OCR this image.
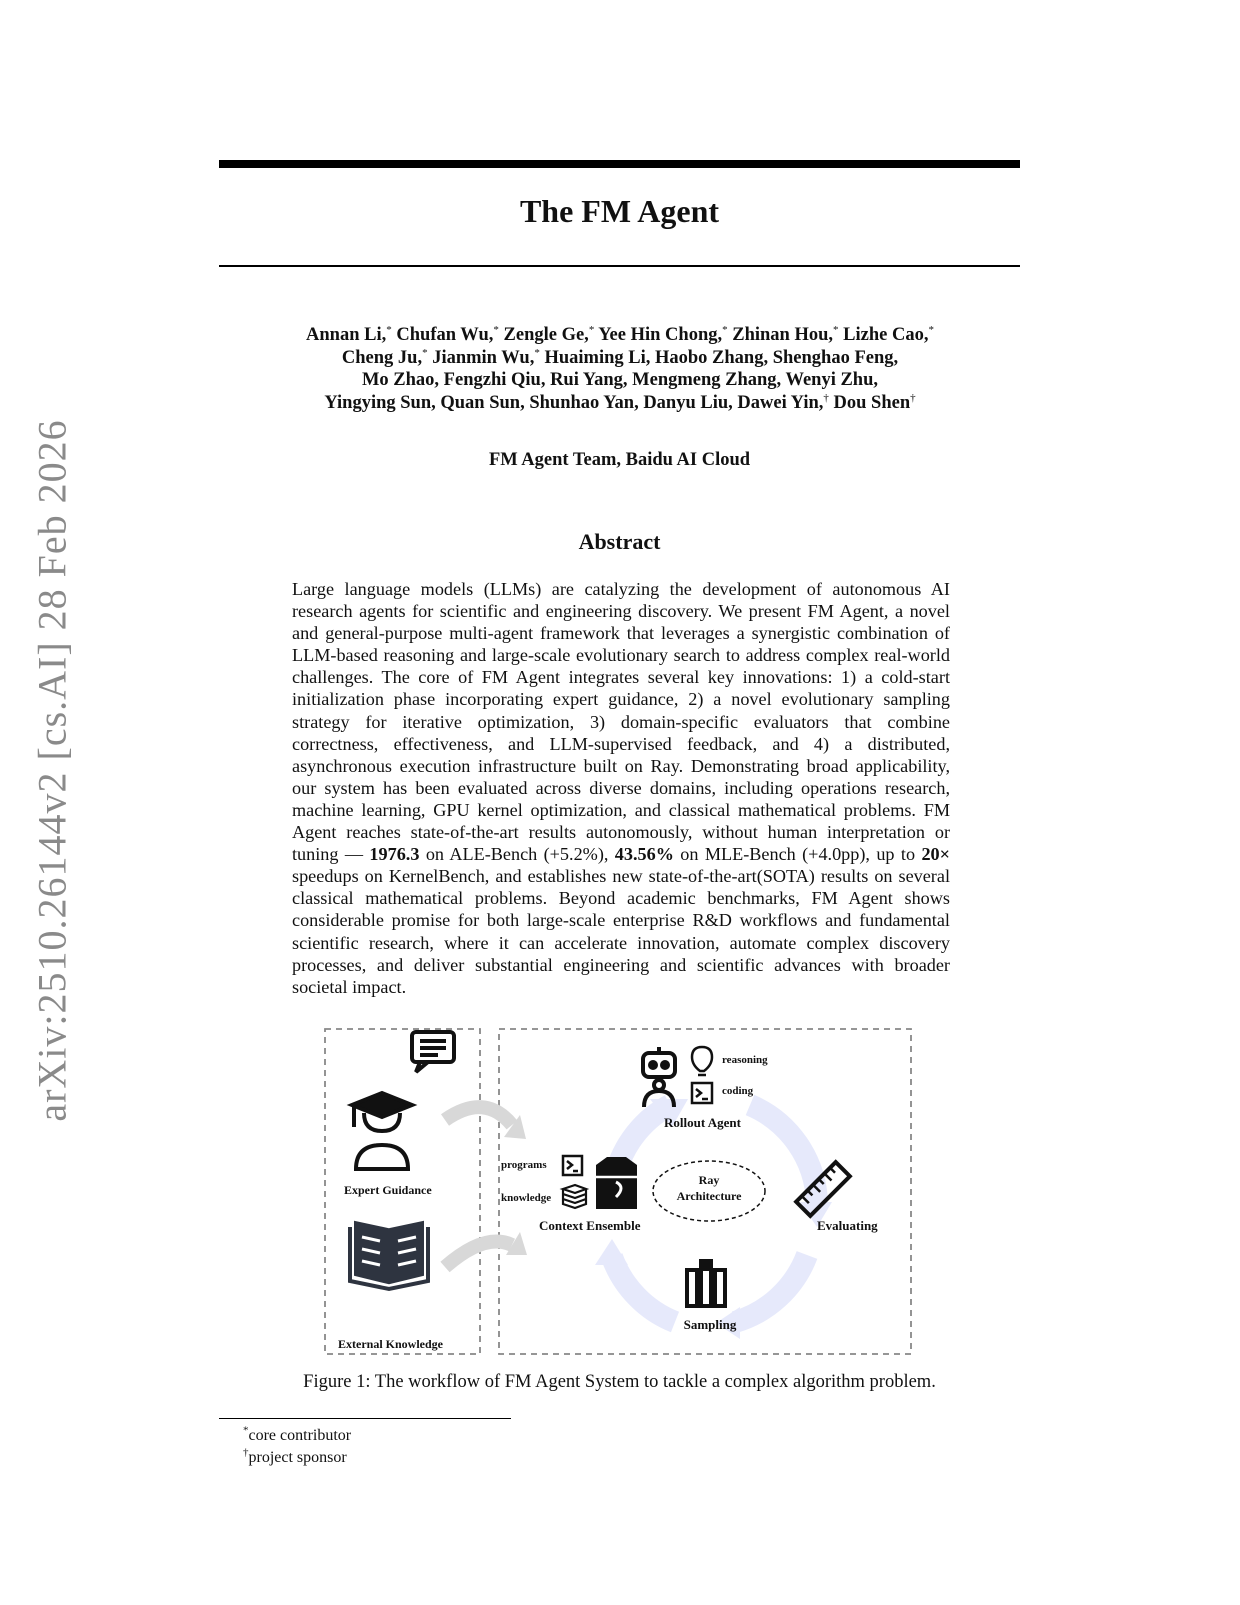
arXiv:2510.26144v2 [cs.AI] 28 Feb 2026
The FM Agent
Annan Li,* Chufan Wu,* Zengle Ge,* Yee Hin Chong,* Zhinan Hou,* Lizhe Cao,*
Cheng Ju,* Jianmin Wu,* Huaiming Li, Haobo Zhang, Shenghao Feng,
Mo Zhao, Fengzhi Qiu, Rui Yang, Mengmeng Zhang, Wenyi Zhu,
Yingying Sun, Quan Sun, Shunhao Yan, Danyu Liu, Dawei Yin,† Dou Shen†
FM Agent Team, Baidu AI Cloud
Abstract
Large language models (LLMs) are catalyzing the development of autonomous AI research agents for scientific and engineering discovery. We present FM Agent, a novel and general-purpose multi-agent framework that leverages a synergistic combination of LLM-based reasoning and large-scale evolutionary search to address complex real-world challenges. The core of FM Agent integrates several key innovations: 1) a cold-start initialization phase incorporating expert guidance, 2) a novel evolutionary sampling strategy for iterative optimization, 3) domain-specific evaluators that combine correctness, effectiveness, and LLM-supervised feedback, and 4) a distributed, asynchronous execution infrastructure built on Ray. Demonstrating broad applicability, our system has been evaluated across diverse domains, including operations research, machine learning, GPU kernel optimization, and classical mathematical problems. FM Agent reaches state-of-the-art results autonomously, without human interpretation or tuning — 1976.3 on ALE-Bench (+5.2%), 43.56% on MLE-Bench (+4.0pp), up to 20× speedups on KernelBench, and establishes new state-of-the-art(SOTA) results on several classical mathematical problems. Beyond academic benchmarks, FM Agent shows considerable promise for both large-scale enterprise R&D workflows and fundamental scientific research, where it can accelerate innovation, automate complex discovery processes, and deliver substantial engineering and scientific advances with broader societal impact.
Expert Guidance
External Knowledge
reasoning
coding
Rollout Agent
programs
knowledge
Context Ensemble
Ray
Architecture
Evaluating
Sampling
Figure 1: The workflow of FM Agent System to tackle a complex algorithm problem.
*core contributor
†project sponsor
